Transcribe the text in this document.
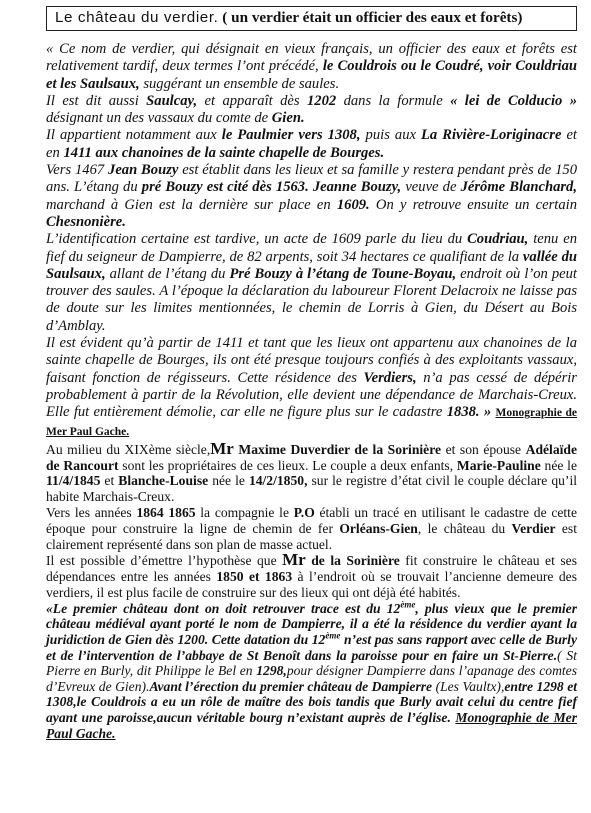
Le château du verdier. ( un verdier était un officier des eaux et forêts)

« Ce nom de verdier, qui désignait en vieux français, un officier des eaux et forêts est relativement tardif, deux termes l’ont précédé, le Couldrois ou le Coudré, voir Couldriau et les Saulsaux, suggérant un ensemble de saules.

Il est dit aussi Saulcay, et apparaît dès 1202 dans la formule « lei de Colducio » désignant un des vassaux du comte de Gien.

Il appartient notamment aux le Paulmier vers 1308, puis aux La Rivière-Loriginacre et en 1411 aux chanoines de la sainte chapelle de Bourges.

Vers 1467 Jean Bouzy est établit dans les lieux et sa famille y restera pendant près de 150 ans. L’étang du pré Bouzy est cité dès 1563. Jeanne Bouzy, veuve de Jérôme Blanchard, marchand à Gien est la dernière sur place en 1609. On y retrouve ensuite un certain Chesnonière.

L’identification certaine est tardive, un acte de 1609 parle du lieu du Coudriau, tenu en fief du seigneur de Dampierre, de 82 arpents, soit 34 hectares ce qualifiant de la vallée du Saulsaux, allant de l’étang du Pré Bouzy à l’étang de Toune-Boyau, endroit où l’on peut trouver des saules. A l’époque la déclaration du laboureur Florent Delacroix ne laisse pas de doute sur les limites mentionnées, le chemin de Lorris à Gien, du Désert au Bois d’Amblay.

Il est évident qu’à partir de 1411 et tant que les lieux ont appartenu aux chanoines de la sainte chapelle de Bourges, ils ont été presque toujours confiés à des exploitants vassaux, faisant fonction de régisseurs. Cette résidence des Verdiers, n’a pas cessé de dépérir probablement à partir de la Révolution, elle devient une dépendance de Marchais-Creux. Elle fut entièrement démolie, car elle ne figure plus sur le cadastre 1838. » Monographie de Mer Paul Gache.

Au milieu du XIXème siècle,Mr Maxime Duverdier de la Sorinière et son épouse Adélaïde de Rancourt sont les propriétaires de ces lieux. Le couple a deux enfants, Marie-Pauline née le 11/4/1845 et Blanche-Louise née le 14/2/1850, sur le registre d’état civil le couple déclare qu’il habite Marchais-Creux.

Vers les années 1864 1865 la compagnie le P.O établi un tracé en utilisant le cadastre de cette époque pour construire la ligne de chemin de fer Orléans-Gien, le château du Verdier est clairement représenté dans son plan de masse actuel.

Il est possible d’émettre l’hypothèse que Mr de la Sorinière fit construire le château et ses dépendances entre les années 1850 et 1863 à l’endroit où se trouvait l’ancienne demeure des verdiers, il est plus facile de construire sur des lieux qui ont déjà été habités.

«Le premier château dont on doit retrouver trace est du 12ème, plus vieux que le premier château médiéval ayant porté le nom de Dampierre, il a été la résidence du verdier ayant la juridiction de Gien dès 1200. Cette datation du 12ème n’est pas sans rapport avec celle de Burly et de l’intervention de l’abbaye de St Benoît dans la paroisse pour en faire un St-Pierre.( St Pierre en Burly, dit Philippe le Bel en 1298,pour désigner Dampierre dans l’apanage des comtes d’Evreux de Gien).Avant l’érection du premier château de Dampierre (Les Vaultx),entre 1298 et 1308,le Couldrois a eu un rôle de maître des bois tandis que Burly avait celui du centre fief ayant une paroisse,aucun véritable bourg n’existant auprès de l’église. Monographie de Mer Paul Gache.
